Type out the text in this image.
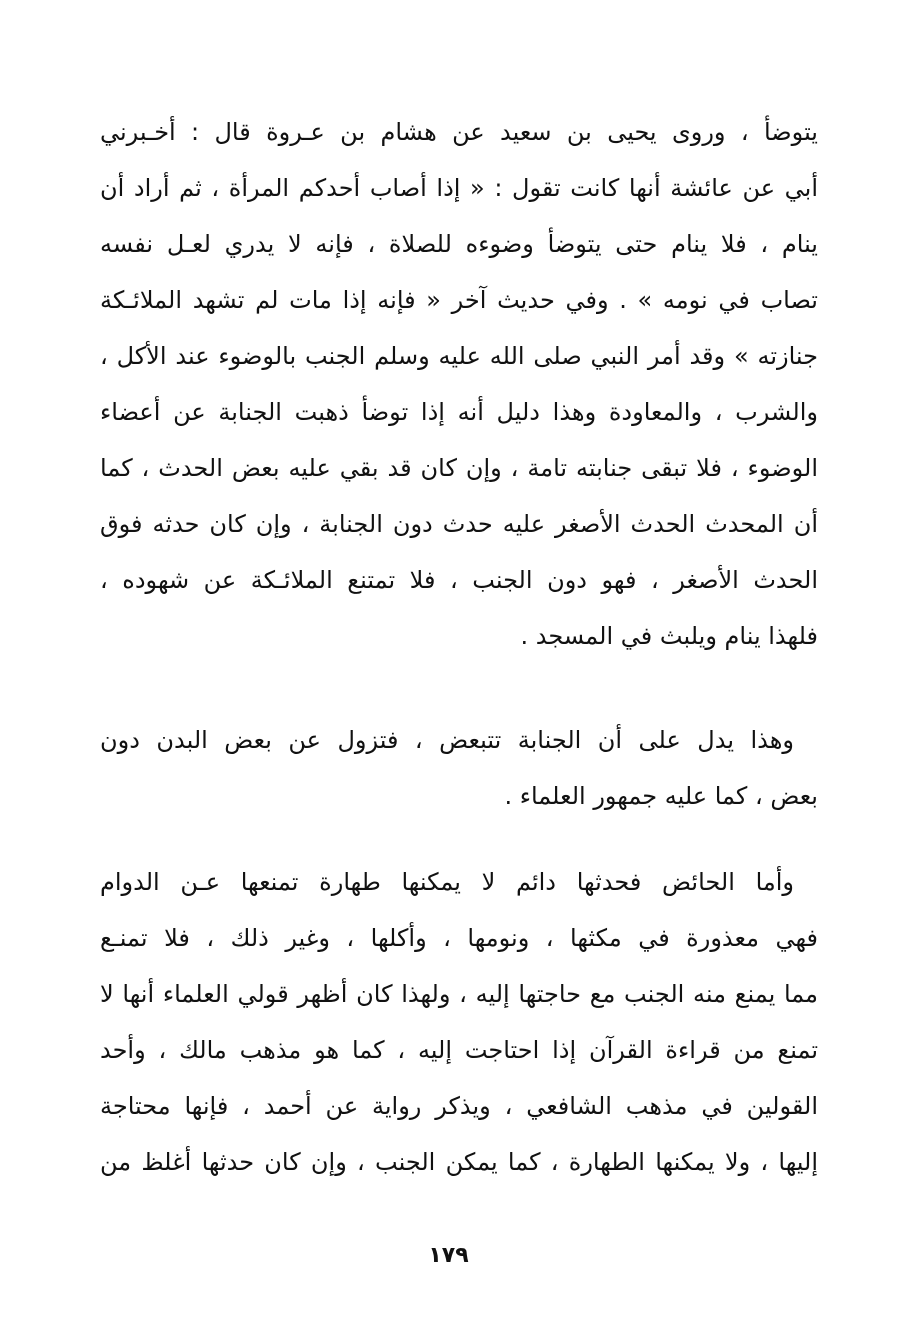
يتوضأ ، وروى يحيى بن سعيد عن هشام بن عـروة قال : أخـبرني
أبي عن عائشة أنها كانت تقول : « إذا أصاب أحدكم المرأة ، ثم أراد أن
ينام ، فلا ينام حتى يتوضأ وضوءه للصلاة ، فإنه لا يدري لعـل نفسه
تصاب في نومه » . وفي حديث آخر « فإنه إذا مات لم تشهد الملائـكة
جنازته » وقد أمر النبي صلى الله عليه وسلم الجنب بالوضوء عند الأكل ،
والشرب ، والمعاودة وهذا دليل أنه إذا توضأ ذهبت الجنابة عن أعضاء
الوضوء ، فلا تبقى جنابته تامة ، وإن كان قد بقي عليه بعض الحدث ، كما
أن المحدث الحدث الأصغر عليه حدث دون الجنابة ، وإن كان حدثه فوق
الحدث الأصغر ، فهو دون الجنب ، فلا تمتنع الملائـكة عن شهوده ،
فلهذا ينام ويلبث في المسجد .
وهذا يدل على أن الجنابة تتبعض ، فتزول عن بعض البدن دون
بعض ، كما عليه جمهور العلماء .
وأما الحائض فحدثها دائم لا يمكنها طهارة تمنعها عـن الدوام
فهي معذورة في مكثها ، ونومها ، وأكلها ، وغير ذلك ، فلا تمنـع
مما يمنع منه الجنب مع حاجتها إليه ، ولهذا كان أظهر قولي العلماء أنها لا
تمنع من قراءة القرآن إذا احتاجت إليه ، كما هو مذهب مالك ، وأحد
القولين في مذهب الشافعي ، ويذكر رواية عن أحمد ، فإنها محتاجة
إليها ، ولا يمكنها الطهارة ، كما يمكن الجنب ، وإن كان حدثها أغلظ من
١٧٩
